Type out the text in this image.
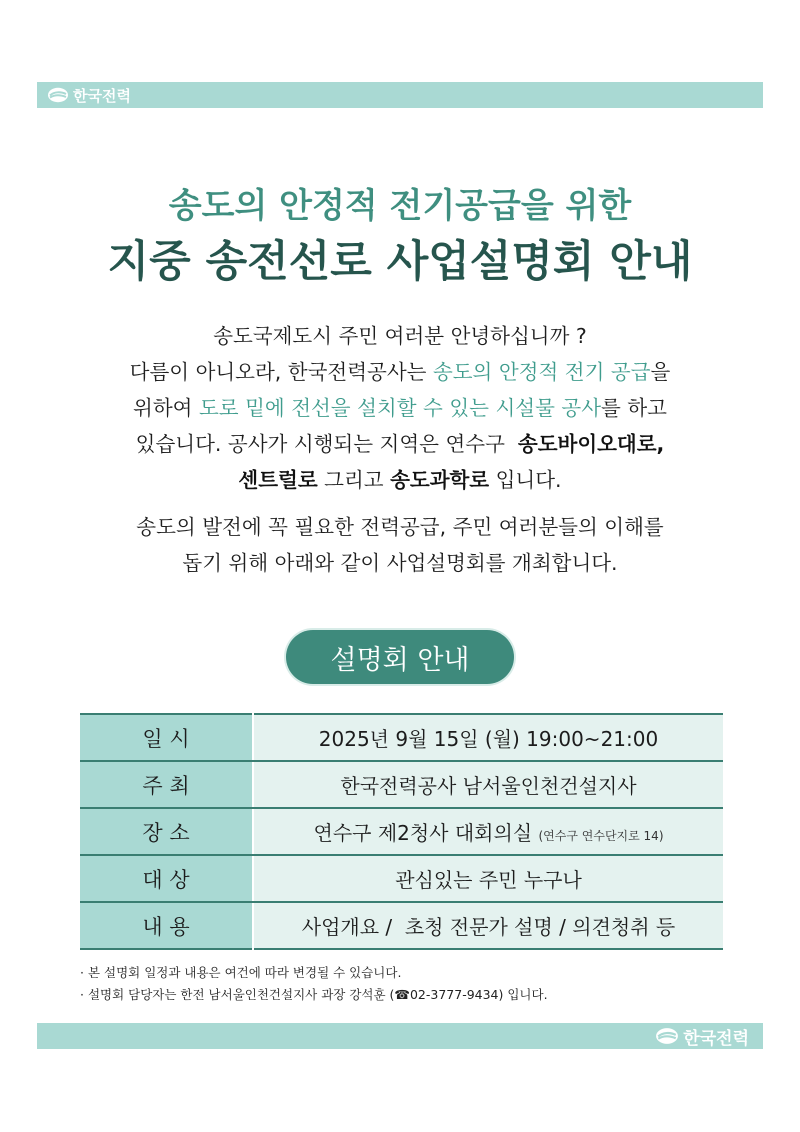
한국전력
송도의 안정적 전기공급을 위한
지중 송전선로 사업설명회 안내

송도국제도시 주민 여러분 안녕하십니까 ?

다름이 아니오라, 한국전력공사는 송도의 안정적 전기 공급을

위하여 도로 밑에 전선을 설치할 수 있는 시설물 공사를 하고

있습니다. 공사가 시행되는 지역은 연수구  송도바이오대로,

센트럴로 그리고 송도과학로 입니다.

송도의 발전에 꼭 필요한 전력공급, 주민 여러분들의 이해를

돕기 위해 아래와 같이 사업설명회를 개최합니다.

설명회 안내
일 시	2025년 9월 15일 (월) 19:00~21:00
주 최	한국전력공사 남서울인천건설지사
장 소	연수구 제2청사 대회의실 (연수구 연수단지로 14)
대 상	관심있는 주민 누구나
내 용	사업개요 /  초청 전문가 설명 / 의견청취 등
· 본 설명회 일정과 내용은 여건에 따라 변경될 수 있습니다.
· 설명회 담당자는 한전 남서울인천건설지사 과장 강석훈 (☎02-3777-9434) 입니다.
한국전력
